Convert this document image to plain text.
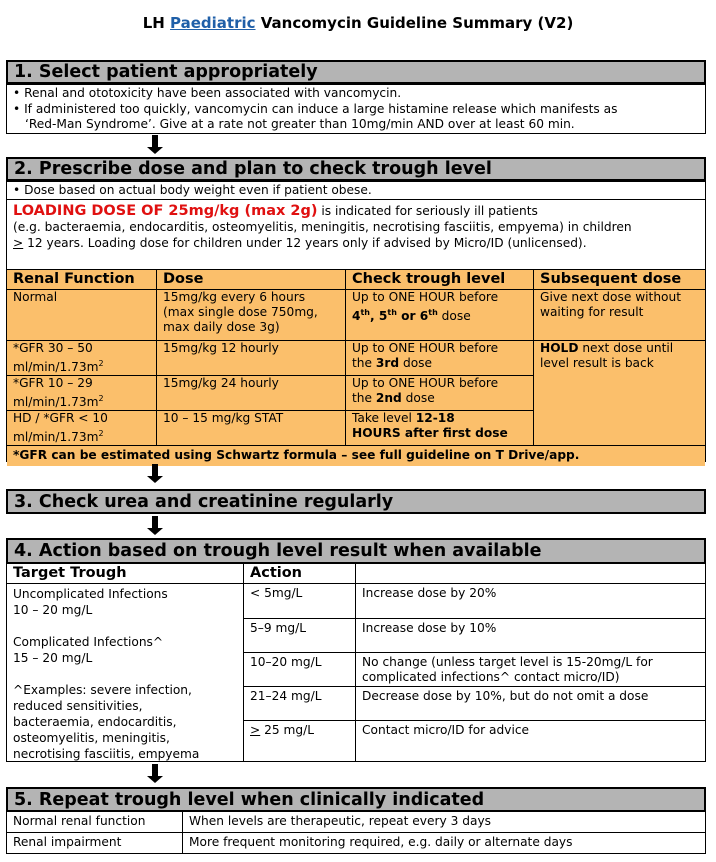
LH Paediatric Vancomycin Guideline Summary (V2)
1. Select patient appropriately
• Renal and ototoxicity have been associated with vancomycin.
• If administered too quickly, vancomycin can induce a large histamine release which manifests as
‘Red-Man Syndrome’. Give at a rate not greater than 10mg/min AND over at least 60 min.
2. Prescribe dose and plan to check trough level
• Dose based on actual body weight even if patient obese.
LOADING DOSE OF 25mg/kg (max 2g) is indicated for seriously ill patients
(e.g. bacteraemia, endocarditis, osteomyelitis, meningitis, necrotising fasciitis, empyema) in children
≥ 12 years. Loading dose for children under 12 years only if advised by Micro/ID (unlicensed).
Renal Function	Dose	Check trough level	Subsequent dose
Normal	15mg/kg every 6 hours
(max single dose 750mg,
max daily dose 3g)	Up to ONE HOUR before
4th, 5th or 6th dose	Give next dose without
waiting for result
*GFR 30 – 50
$ml/\min/1.73m^2$	15mg/kg 12 hourly	Up to ONE HOUR before
the 3rd dose	HOLD next dose until
level result is back
*GFR 10 – 29
$ml/\min/1.73m^2$	15mg/kg 24 hourly	Up to ONE HOUR before
the 2nd dose	
HD / *GFR < 10
$ml/\min/1.73m^2$	10 – 15 mg/kg STAT	Take level 12-18
HOURS after first dose	
*GFR can be estimated using Schwartz formula – see full guideline on T Drive/app.			
3. Check urea and creatinine regularly
4. Action based on trough level result when available
Target Trough
Uncomplicated Infections
10 – 20 mg/L

Complicated Infections^
15 – 20 mg/L

^Examples: severe infection,
reduced sensitivities,
bacteraemia, endocarditis,
osteomyelitis, meningitis,
necrotising fasciitis, empyema
Action
< 5mg/L	Increase dose by 20%
5–9 mg/L	Increase dose by 10%
10–20 mg/L	No change (unless target level is 15-20mg/L for
complicated infections^ contact micro/ID)
21–24 mg/L	Decrease dose by 10%, but do not omit a dose
> 25 mg/L	Contact micro/ID for advice
5. Repeat trough level when clinically indicated
Normal renal function	When levels are therapeutic, repeat every 3 days
Renal impairment	More frequent monitoring required, e.g. daily or alternate days
